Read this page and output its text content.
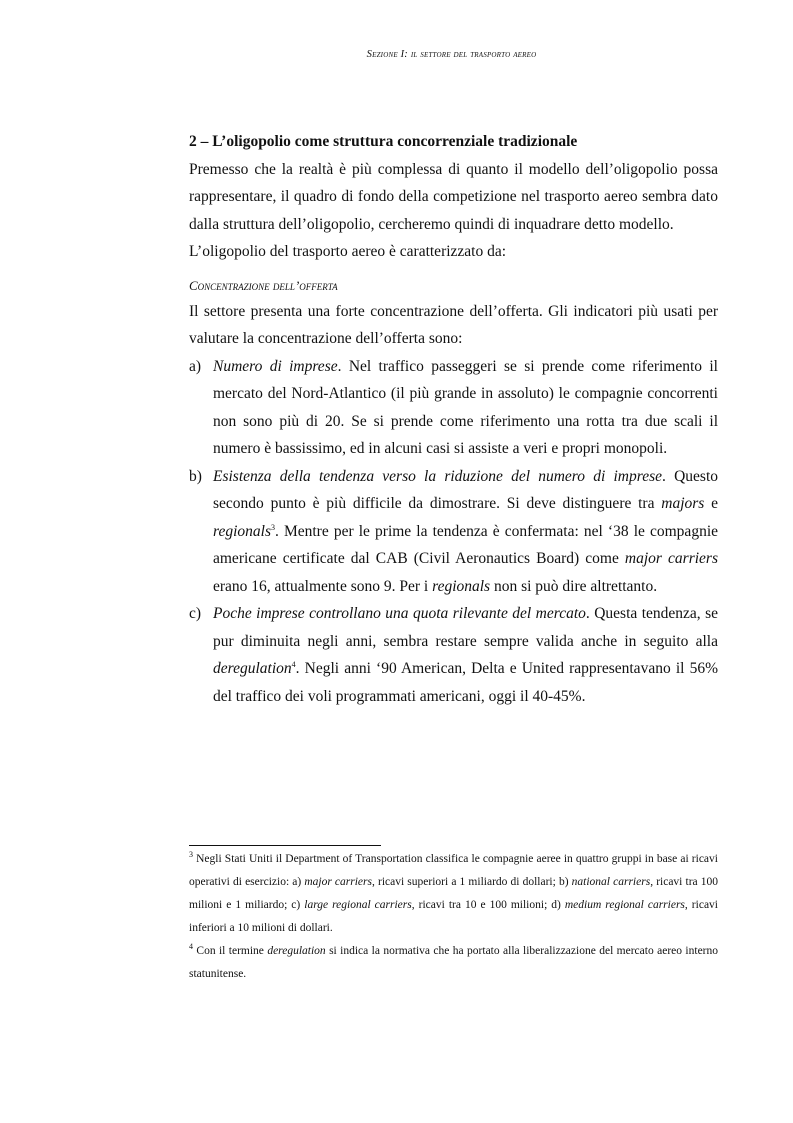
Sezione I: il settore del trasporto aereo

2 – L’oligopolio come struttura concorrenziale tradizionale

Premesso che la realtà è più complessa di quanto il modello dell’oligopolio possa rappresentare, il quadro di fondo della competizione nel trasporto aereo sembra dato dalla struttura dell’oligopolio, cercheremo quindi di inquadrare detto modello.

L’oligopolio del trasporto aereo è caratterizzato da:

Concentrazione dell’offerta

Il settore presenta una forte concentrazione dell’offerta. Gli indicatori più usati per valutare la concentrazione dell’offerta sono:

a) Numero di imprese. Nel traffico passeggeri se si prende come riferimento il mercato del Nord-Atlantico (il più grande in assoluto) le compagnie concorrenti non sono più di 20. Se si prende come riferimento una rotta tra due scali il numero è bassissimo, ed in alcuni casi si assiste a veri e propri monopoli.
b) Esistenza della tendenza verso la riduzione del numero di imprese. Questo secondo punto è più difficile da dimostrare. Si deve distinguere tra majors e regionals$^3$. Mentre per le prime la tendenza è confermata: nel ‘38 le compagnie americane certificate dal CAB (Civil Aeronautics Board) come major carriers erano 16, attualmente sono 9. Per i regionals non si può dire altrettanto.
c) Poche imprese controllano una quota rilevante del mercato. Questa tendenza, se pur diminuita negli anni, sembra restare sempre valida anche in seguito alla deregulation$^4$. Negli anni ‘90 American, Delta e United rappresentavano il 56% del traffico dei voli programmati americani, oggi il 40-45%.

$^3$ Negli Stati Uniti il Department of Transportation classifica le compagnie aeree in quattro gruppi in base ai ricavi operativi di esercizio: a) major carriers, ricavi superiori a 1 miliardo di dollari; b) national carriers, ricavi tra 100 milioni e 1 miliardo; c) large regional carriers, ricavi tra 10 e 100 milioni; d) medium regional carriers, ricavi inferiori a 10 milioni di dollari.

$^4$ Con il termine deregulation si indica la normativa che ha portato alla liberalizzazione del mercato aereo interno statunitense.
